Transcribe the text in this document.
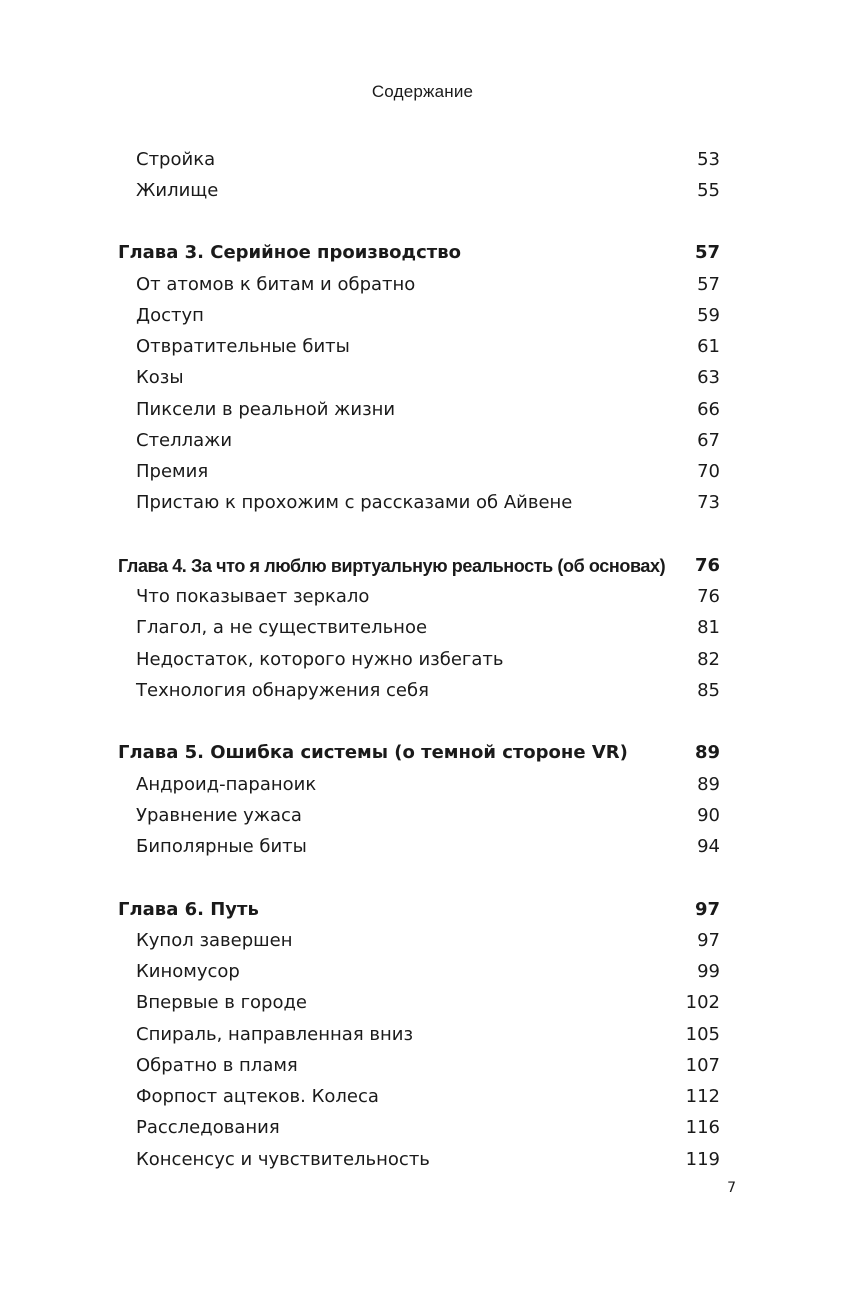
Содержание
Стройка	53
Жилище	55
Глава 3. Серийное производство	57
От атомов к битам и обратно	57
Доступ	59
Отвратительные биты	61
Козы	63
Пиксели в реальной жизни	66
Стеллажи	67
Премия	70
Пристаю к прохожим с рассказами об Айвене	73
Глава 4. За что я люблю виртуальную реальность (об основах) 76
Что показывает зеркало	76
Глагол, а не существительное	81
Недостаток, которого нужно избегать	82
Технология обнаружения себя	85
Глава 5. Ошибка системы (о темной стороне VR)	89
Андроид-параноик	89
Уравнение ужаса	90
Биполярные биты	94
Глава 6. Путь	97
Купол завершен	97
Киномусор	99
Впервые в городе	102
Спираль, направленная вниз	105
Обратно в пламя	107
Форпост ацтеков. Колеса	112
Расследования	116
Консенсус и чувствительность	119
7
